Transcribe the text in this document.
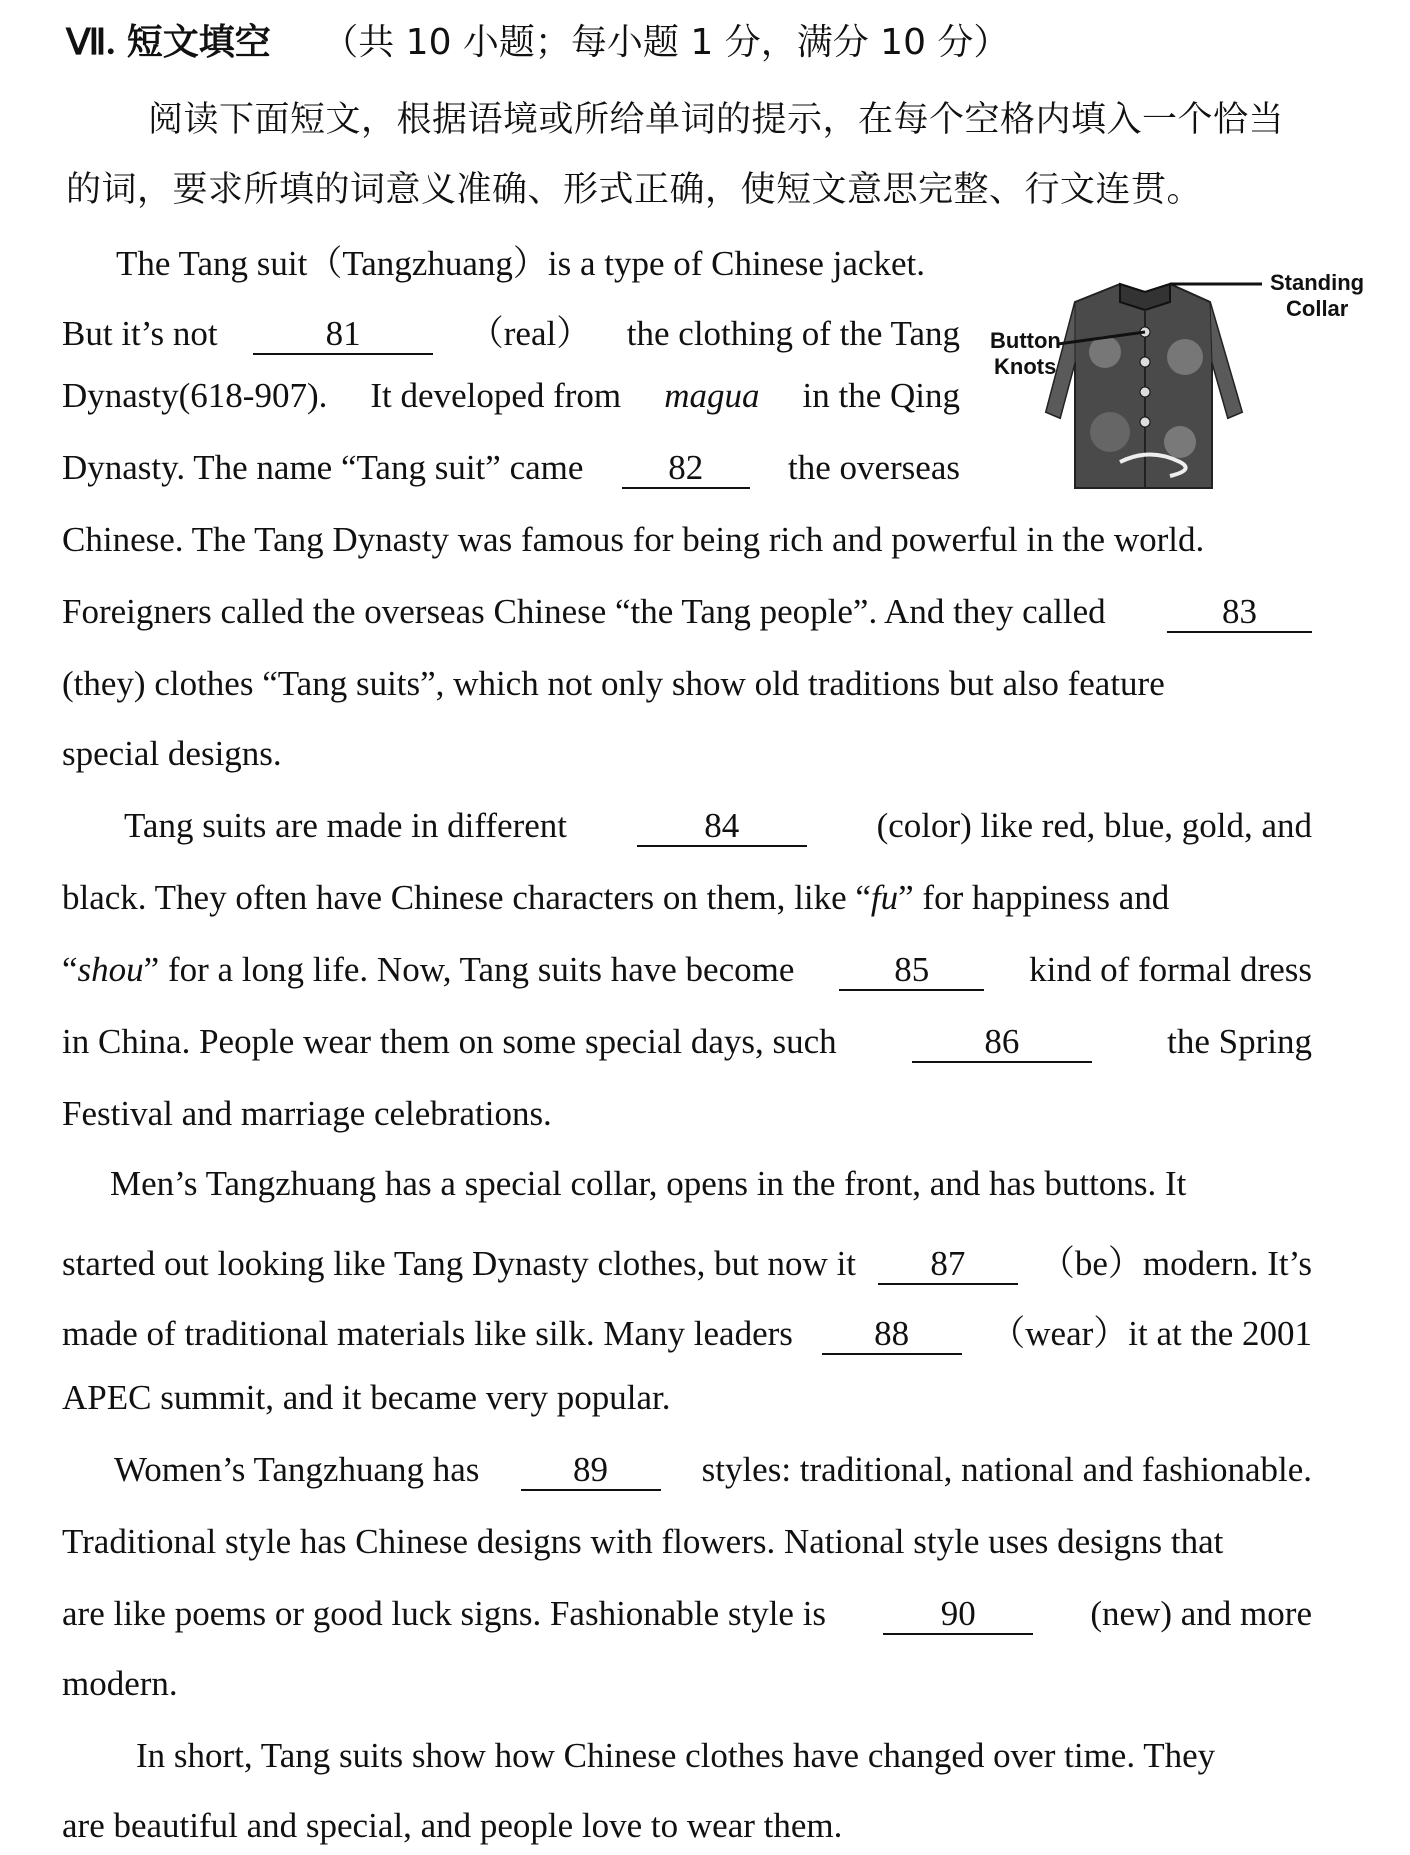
Ⅶ. 短文填空 （共 10 小题；每小题 1 分，满分 10 分）
阅读下面短文，根据语境或所给单词的提示，在每个空格内填入一个恰当
的词，要求所填的词意义准确、形式正确，使短文意思完整、行文连贯。
Standing
Collar
Button
Knots
The Tang suit（Tangzhuang）is a type of Chinese jacket.
But it’s not	81	（real） the clothing of the Tang
Dynasty(618-907). It developed from magua in the Qing
Dynasty. The name “Tang suit” came	82	the overseas
Chinese. The Tang Dynasty was famous for being rich and powerful in the world.
Foreigners called the overseas Chinese “the Tang people”. And they called	83
(they) clothes “Tang suits”, which not only show old traditions but also feature
special designs.
Tang suits are made in different	84	(color) like red, blue, gold, and
black. They often have Chinese characters on them, like “ fu ” for happiness and
“shou” for a long life. Now, Tang suits have become	85	kind of formal dress
in China. People wear them on some special days, such	86	the Spring
Festival and marriage celebrations.
Men’s Tangzhuang has a special collar, opens in the front, and has buttons. It
started out looking like Tang Dynasty clothes, but now it	87	（be）modern. It’s
made of traditional materials like silk. Many leaders	88	（wear）it at the 2001
APEC summit, and it became very popular.
Women’s Tangzhuang has	89	styles: traditional, national and fashionable.
Traditional style has Chinese designs with flowers. National style uses designs that
are like poems or good luck signs. Fashionable style is	90	(new) and more
modern.
In short, Tang suits show how Chinese clothes have changed over time. They
are beautiful and special, and people love to wear them.
